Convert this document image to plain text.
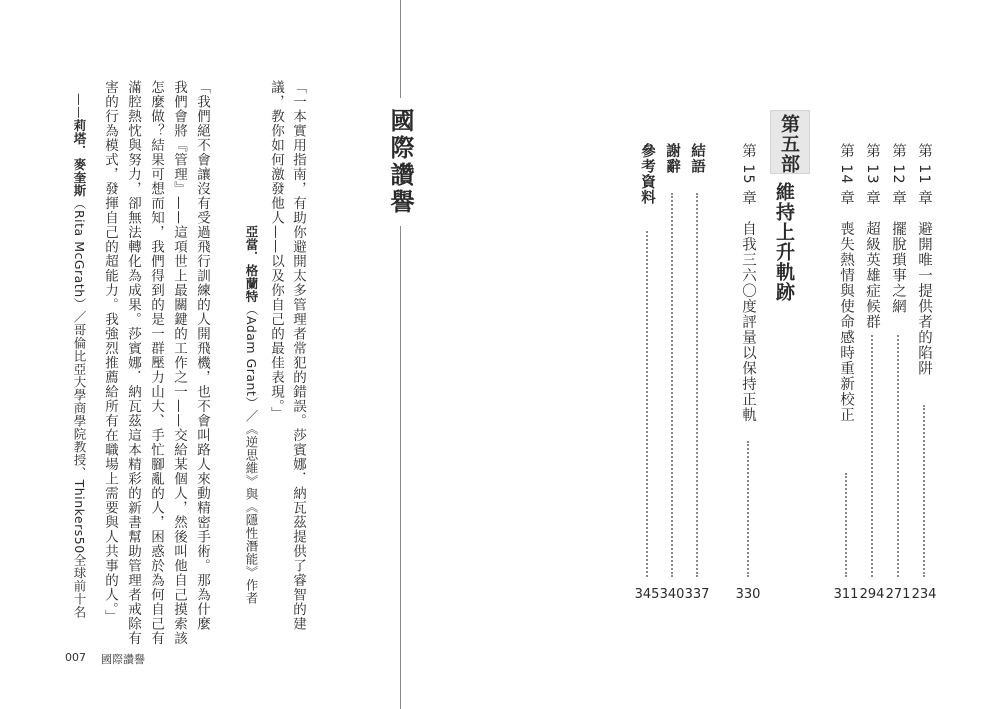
第 11 章　避開唯一提供者的陷阱
234
第 12 章　擺脫瑣事之網
271
第 13 章　超級英雄症候群
294
第 14 章　喪失熱情與使命感時重新校正
311
第五部
維持上升軌跡
第 15 章　自我三六〇度評量以保持正軌
330
結語
337
謝辭
340
參考資料
345
國際讚譽
「一本實用指南，有助你避開太多管理者常犯的錯誤。莎賓娜．納瓦茲提供了睿智的建
議，教你如何激發他人——以及你自己的最佳表現。」
亞當．格蘭特（Adam Grant）／《逆思維》與《隱性潛能》作者
「我們絕不會讓沒有受過飛行訓練的人開飛機，也不會叫路人來動精密手術。那為什麼
我們會將『管理』——這項世上最關鍵的工作之一——交給某個人，然後叫他自己摸索該
怎麼做？結果可想而知，我們得到的是一群壓力山大、手忙腳亂的人，困惑於為何自己有
滿腔熱忱與努力，卻無法轉化為成果。莎賓娜．納瓦茲這本精彩的新書幫助管理者戒除有
害的行為模式，發揮自己的超能力。我強烈推薦給所有在職場上需要與人共事的人。」
——莉塔．麥奎斯（Rita McGrath）／哥倫比亞大學商學院教授、Thinkers50全球前十名
007 國際讚譽
